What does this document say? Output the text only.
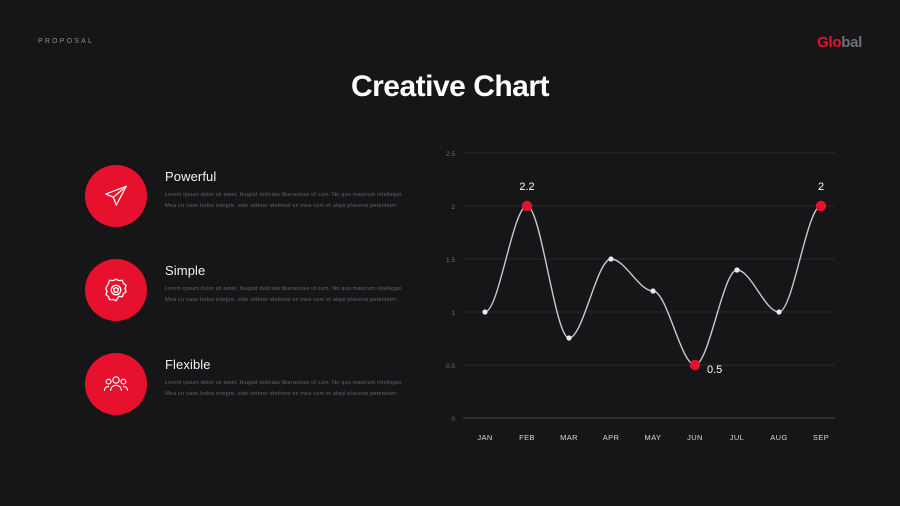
PROPOSAL	Global
Creative Chart
Powerful
Lorem ipsum dolor sit amet, feugiat delicata liberavisse id cum. No quo maiorum intellegat. Mea cu case ludus integre, vide viderer eleifend ex mea cum et atqui placerat petentium.
Simple
Lorem ipsum dolor sit amet, feugiat delicata liberavisse id cum. No quo maiorum intellegat. Mea cu case ludus integre, vide viderer eleifend ex mea cum et atqui placerat petentium.
Flexible
Lorem ipsum dolor sit amet, feugiat delicata liberavisse id cum. No quo maiorum intellegat. Mea cu case ludus integre, vide viderer eleifend ex mea cum et atqui placerat petentium.
2.5
2
1.5
1
0.5
0
2.2
0.5
2
JAN	FEB	MAR	APR	MAY	JUN	JUL	AUG	SEP
